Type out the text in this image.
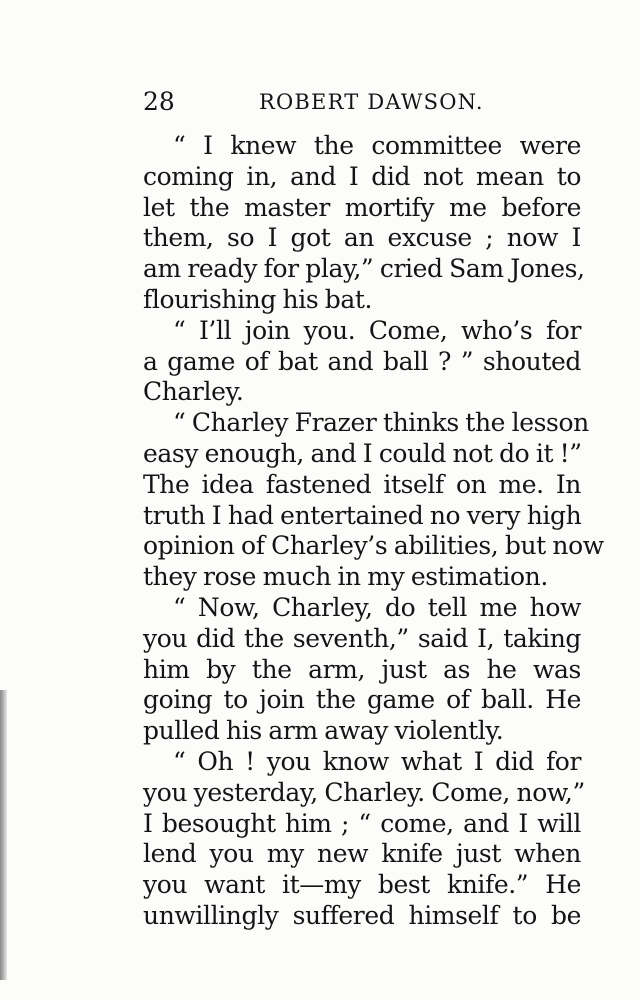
28	ROBERT DAWSON.
“ I knew the committee were
coming in, and I did not mean to
let the master mortify me before
them, so I got an excuse ; now I
am ready for play,” cried Sam Jones,
flourishing his bat.
“ I’ll join you. Come, who’s for
a game of bat and ball ? ” shouted
Charley.
“ Charley Frazer thinks the lesson
easy enough, and I could not do it !”
The idea fastened itself on me. In
truth I had entertained no very high
opinion of Charley’s abilities, but now
they rose much in my estimation.
“ Now, Charley, do tell me how
you did the seventh,” said I, taking
him by the arm, just as he was
going to join the game of ball. He
pulled his arm away violently.
“ Oh ! you know what I did for
you yesterday, Charley. Come, now,”
I besought him ; “ come, and I will
lend you my new knife just when
you want it—my best knife.” He
unwillingly suffered himself to be
